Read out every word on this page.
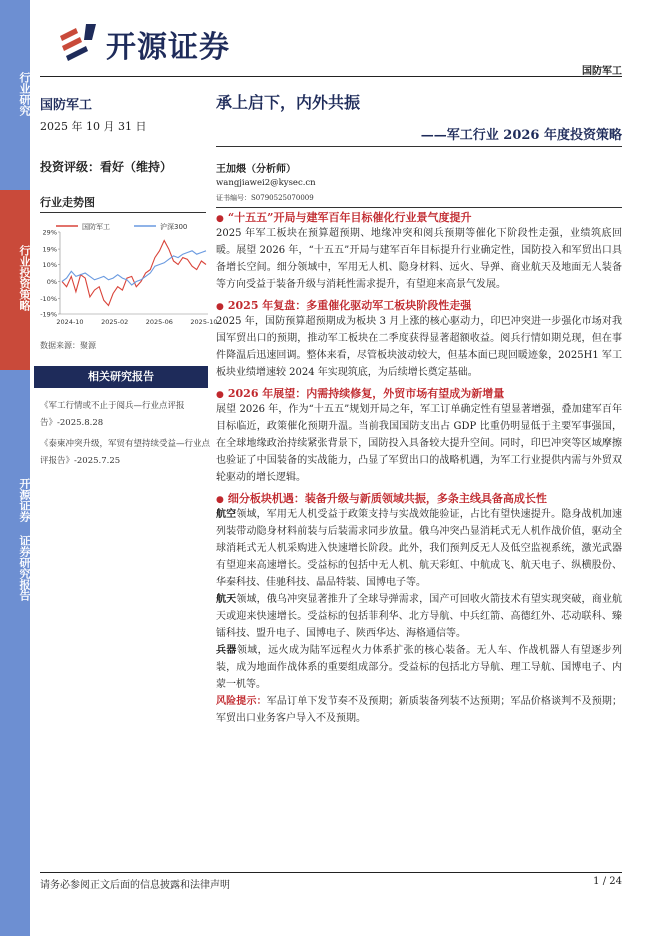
行业研究
行业投资策略
开源证券 证券研究报告
开源证券
国防军工
国防军工
2025 年 10 月 31 日
投资评级：看好（维持）
行业走势图
国防军工	沪深300
29%
19%
10%
0%
-10%
-19%
2024-10	2025-02	2025-06	2025-10
数据来源：聚源
相关研究报告
《军工行情或不止于阅兵—行业点评报告》-2025.8.28
《泰柬冲突升级，军贸有望持续受益—行业点评报告》-2025.7.25
承上启下，内外共振
——军工行业 2026 年度投资策略
王加煨（分析师）
wangjiawei2@kysec.cn
证书编号：S0790525070009
● “十五五”开局与建军百年目标催化行业景气度提升
2025 年军工板块在预算超预期、地缘冲突和阅兵预期等催化下阶段性走强，业绩筑底回暖。展望 2026 年，“十五五”开局与建军百年目标提升行业确定性，国防投入和军贸出口具备增长空间。细分领域中，军用无人机、隐身材料、远火、导弹、商业航天及地面无人装备等方向受益于装备升级与消耗性需求提升，有望迎来高景气发展。
● 2025 年复盘：多重催化驱动军工板块阶段性走强
2025 年，国防预算超预期成为板块 3 月上涨的核心驱动力，印巴冲突进一步强化市场对我国军贸出口的预期，推动军工板块在二季度获得显著超额收益。阅兵行情如期兑现，但在事件降温后迅速回调。整体来看，尽管板块波动较大，但基本面已现回暖迹象，2025H1 军工板块业绩增速较 2024 年实现筑底，为后续增长奠定基础。
● 2026 年展望：内需持续修复，外贸市场有望成为新增量
展望 2026 年，作为“十五五”规划开局之年，军工订单确定性有望显著增强，叠加建军百年目标临近，政策催化预期升温。当前我国国防支出占 GDP 比重仍明显低于主要军事强国，在全球地缘政治持续紧张背景下，国防投入具备较大提升空间。同时，印巴冲突等区域摩擦也验证了中国装备的实战能力，凸显了军贸出口的战略机遇，为军工行业提供内需与外贸双轮驱动的增长逻辑。
● 细分板块机遇：装备升级与新质领域共振，多条主线具备高成长性
航空领域，军用无人机受益于政策支持与实战效能验证，占比有望快速提升。隐身战机加速列装带动隐身材料前装与后装需求同步放量。俄乌冲突凸显消耗式无人机作战价值，驱动全球消耗式无人机采购进入快速增长阶段。此外，我们预判反无人及低空监视系统，激光武器有望迎来高速增长。受益标的包括中无人机、航天彩虹、中航成飞、航天电子、纵横股份、华秦科技、佳驰科技、晶品特装、国博电子等。
航天领域，俄乌冲突显著推升了全球导弹需求，国产可回收火箭技术有望实现突破，商业航天或迎来快速增长。受益标的包括菲利华、北方导航、中兵红箭、高德红外、芯动联科、臻镭科技、盟升电子、国博电子、陕西华达、海格通信等。
兵器领域，远火成为陆军远程火力体系扩张的核心装备。无人车、作战机器人有望逐步列装，成为地面作战体系的重要组成部分。受益标的包括北方导航、理工导航、国博电子、内蒙一机等。
风险提示：军品订单下发节奏不及预期；新质装备列装不达预期；军品价格谈判不及预期；军贸出口业务客户导入不及预期。
请务必参阅正文后面的信息披露和法律声明	1 / 24
